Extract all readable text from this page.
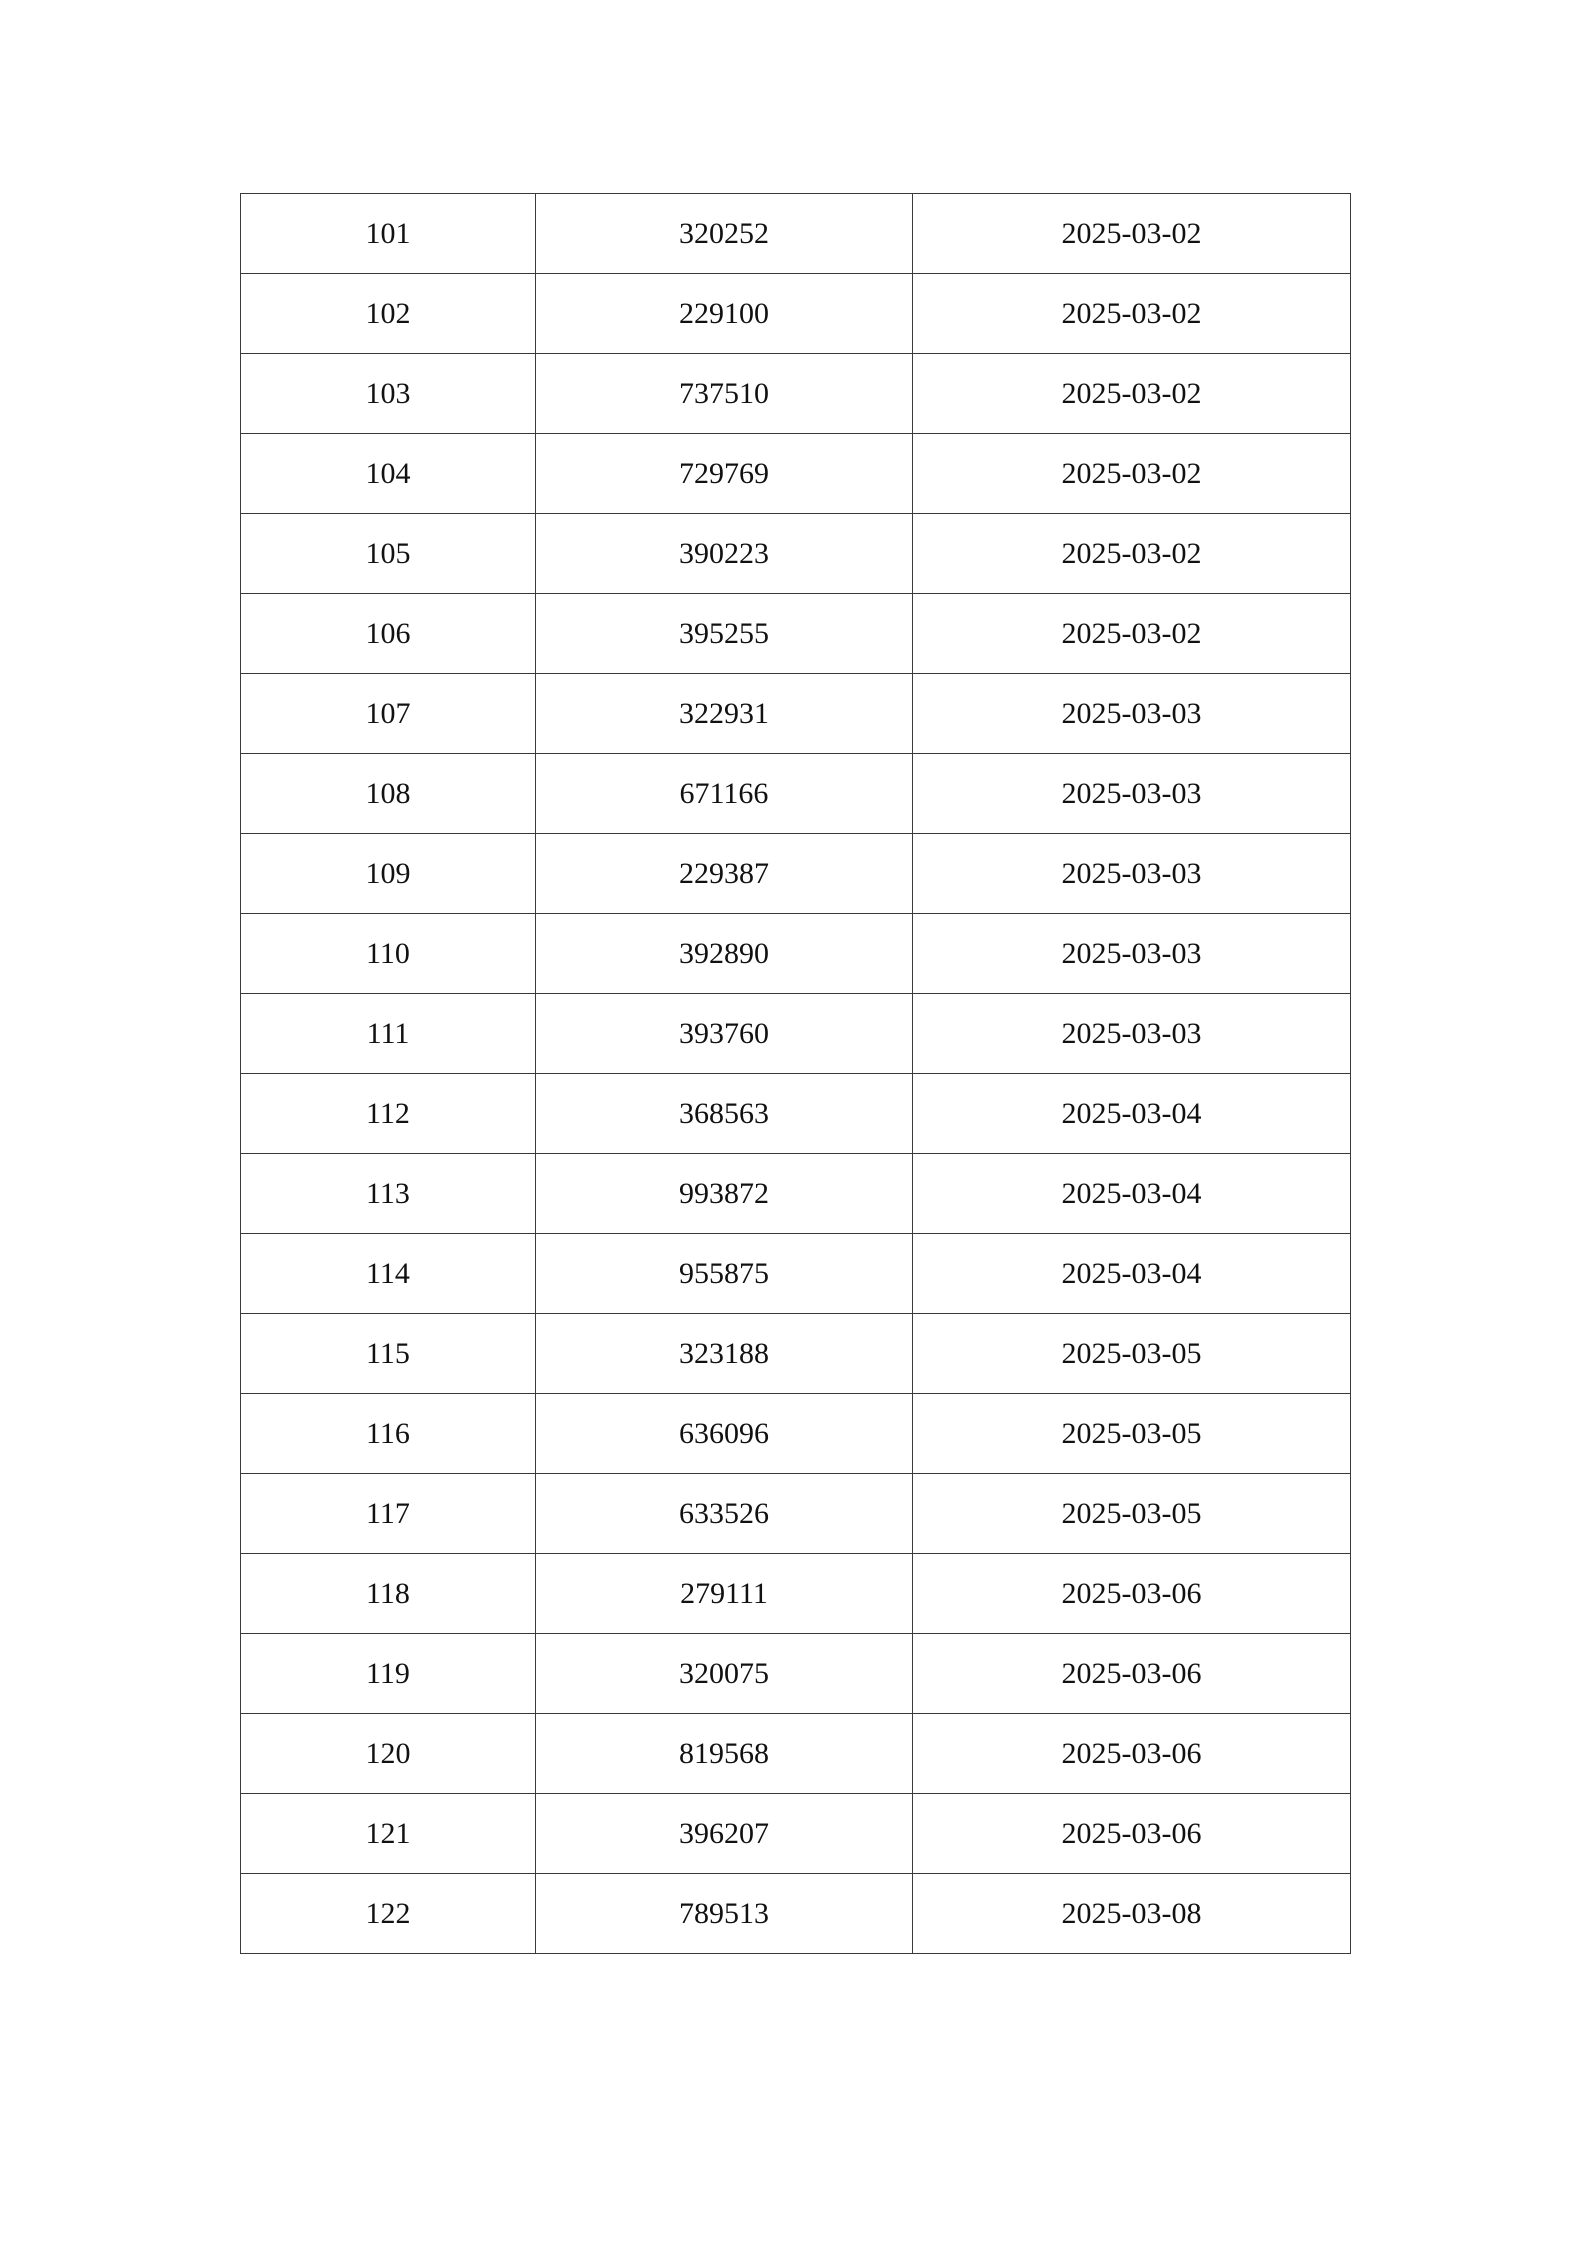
101	320252	2025-03-02
102	229100	2025-03-02
103	737510	2025-03-02
104	729769	2025-03-02
105	390223	2025-03-02
106	395255	2025-03-02
107	322931	2025-03-03
108	671166	2025-03-03
109	229387	2025-03-03
110	392890	2025-03-03
111	393760	2025-03-03
112	368563	2025-03-04
113	993872	2025-03-04
114	955875	2025-03-04
115	323188	2025-03-05
116	636096	2025-03-05
117	633526	2025-03-05
118	279111	2025-03-06
119	320075	2025-03-06
120	819568	2025-03-06
121	396207	2025-03-06
122	789513	2025-03-08
